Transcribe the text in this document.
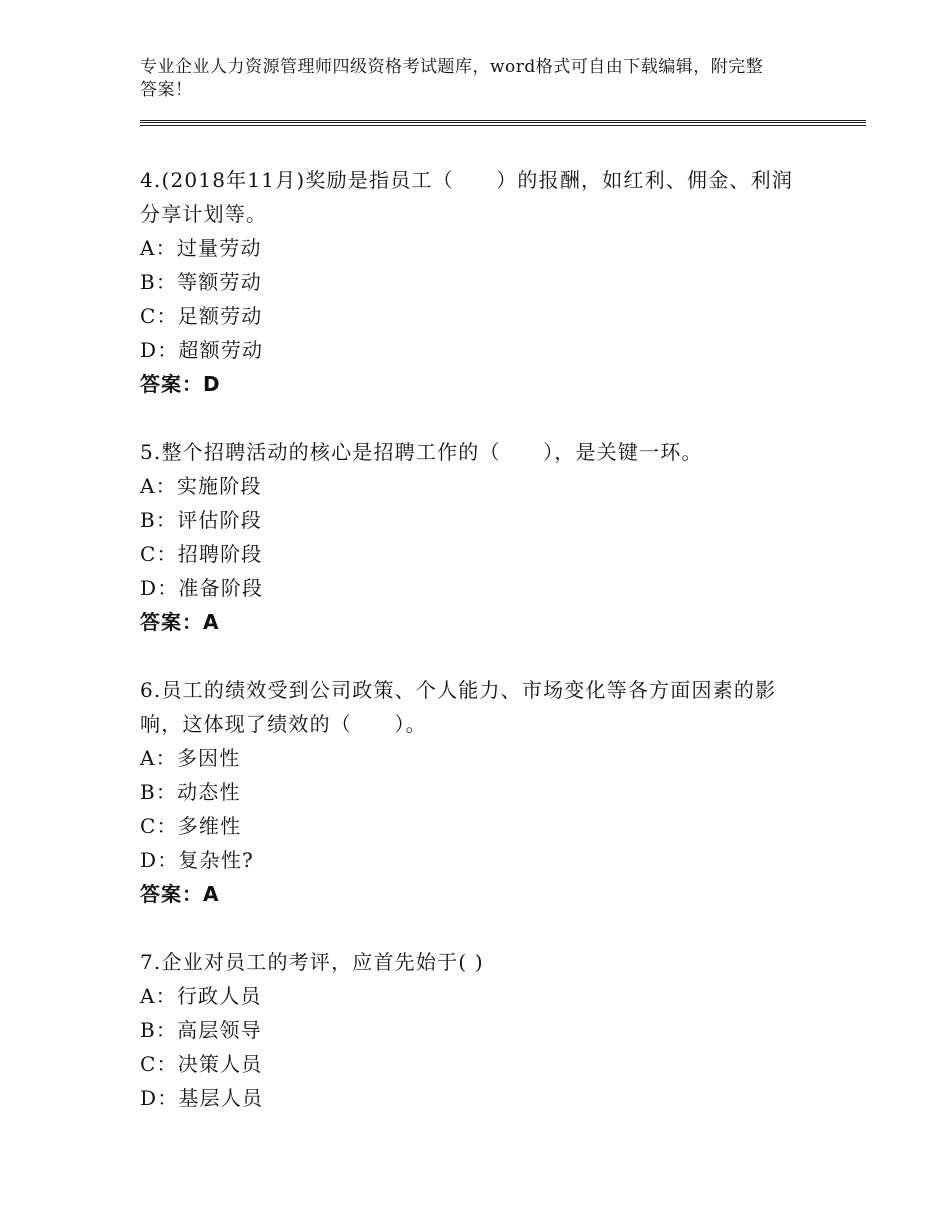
专业企业人力资源管理师四级资格考试题库，word格式可自由下载编辑，附完整
答案！
4.(2018年11月)奖励是指员工（　　）的报酬，如红利、佣金、利润
分享计划等。
A：过量劳动
B：等额劳动
C：足额劳动
D：超额劳动
答案：D
5.整个招聘活动的核心是招聘工作的（　　），是关键一环。
A：实施阶段
B：评估阶段
C：招聘阶段
D：准备阶段
答案：A
6.员工的绩效受到公司政策、个人能力、市场变化等各方面因素的影
响，这体现了绩效的（　　）。
A：多因性
B：动态性
C：多维性
D：复杂性?
答案：A
7.企业对员工的考评，应首先始于( )
A：行政人员
B：高层领导
C：决策人员
D：基层人员
